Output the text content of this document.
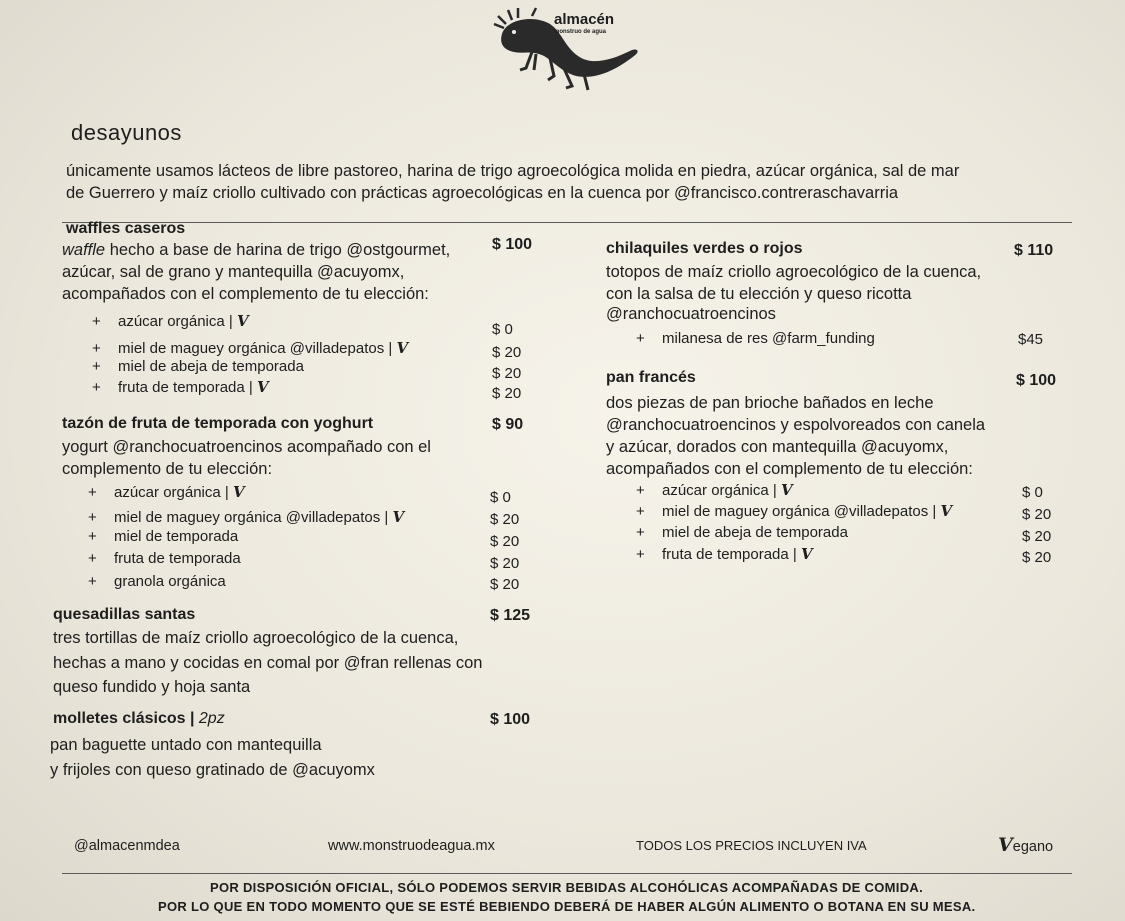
almacén
monstruo de agua
desayunos
únicamente usamos lácteos de libre pastoreo, harina de trigo agroecológica molida en piedra, azúcar orgánica, sal de mar
de Guerrero y maíz criollo cultivado con prácticas agroecológicas en la cuenca por @francisco.contreraschavarria
waffles caseros
$ 100
waffle hecho a base de harina de trigo @ostgourmet,
azúcar, sal de grano y mantequilla @acuyomx,
acompañados con el complemento de tu elección:
+ azúcar orgánica | V	$ 0
+ miel de maguey orgánica @villadepatos | V	$ 20
+ miel de abeja de temporada	$ 20
+ fruta de temporada | V	$ 20
tazón de fruta de temporada con yoghurt	$ 90
yogurt @ranchocuatroencinos acompañado con el
complemento de tu elección:
+ azúcar orgánica | V	$ 0
+ miel de maguey orgánica @villadepatos | V	$ 20
+ miel de temporada	$ 20
+ fruta de temporada	$ 20
+ granola orgánica	$ 20
quesadillas santas	$ 125
tres tortillas de maíz criollo agroecológico de la cuenca,
hechas a mano y cocidas en comal por @fran rellenas con
queso fundido y hoja santa
molletes clásicos | 2pz	$ 100
pan baguette untado con mantequilla
y frijoles con queso gratinado de @acuyomx
chilaquiles verdes o rojos	$ 110
totopos de maíz criollo agroecológico de la cuenca,
con la salsa de tu elección y queso ricotta
@ranchocuatroencinos
+ milanesa de res @farm_funding	$45
pan francés	$ 100
dos piezas de pan brioche bañados en leche
@ranchocuatroencinos y espolvoreados con canela
y azúcar, dorados con mantequilla @acuyomx,
acompañados con el complemento de tu elección:
+ azúcar orgánica | V	$ 0
+ miel de maguey orgánica @villadepatos | V	$ 20
+ miel de abeja de temporada	$ 20
+ fruta de temporada | V	$ 20
@almacenmdea	www.monstruodeagua.mx	TODOS LOS PRECIOS INCLUYEN IVA	Vegano
POR DISPOSICIÓN OFICIAL, SÓLO PODEMOS SERVIR BEBIDAS ALCOHÓLICAS ACOMPAÑADAS DE COMIDA.
POR LO QUE EN TODO MOMENTO QUE SE ESTÉ BEBIENDO DEBERÁ DE HABER ALGÚN ALIMENTO O BOTANA EN SU MESA.
